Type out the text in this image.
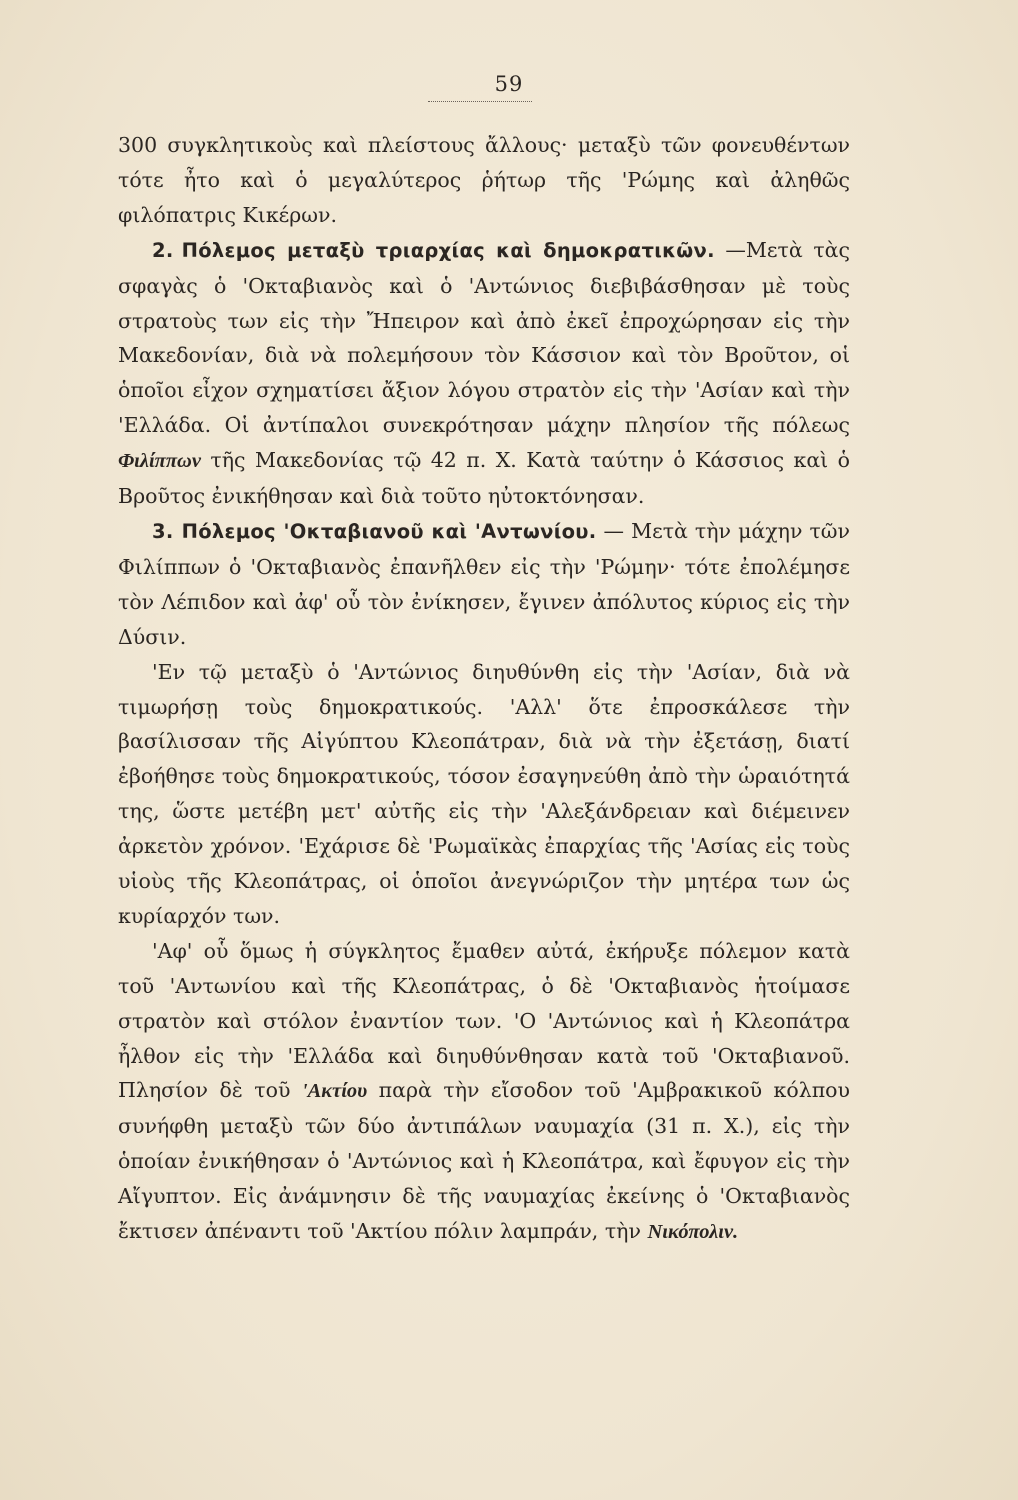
59

300 συγκλητικοὺς καὶ πλείστους ἄλλους· μεταξὺ τῶν φονευθέντων τότε ἦτο καὶ ὁ μεγαλύτερος ῥήτωρ τῆς 'Ρώμης καὶ ἀληθῶς φιλόπατρις Κικέρων.

2. Πόλεμος μεταξὺ τριαρχίας καὶ δημοκρατικῶν. —Μετὰ τὰς σφαγὰς ὁ 'Οκταβιανὸς καὶ ὁ 'Αντώνιος διεβιβάσθησαν μὲ τοὺς στρατοὺς των εἰς τὴν Ἤπειρον καὶ ἀπὸ ἐκεῖ ἐπροχώρησαν εἰς τὴν Μακεδονίαν, διὰ νὰ πολεμήσουν τὸν Κάσσιον καὶ τὸν Βροῦτον, οἱ ὁποῖοι εἶχον σχηματίσει ἄξιον λόγου στρατὸν εἰς τὴν 'Ασίαν καὶ τὴν 'Ελλάδα. Οἱ ἀντίπαλοι συνεκρότησαν μάχην πλησίον τῆς πόλεως Φιλίππων τῆς Μακεδονίας τῷ 42 π. Χ. Κατὰ ταύτην ὁ Κάσσιος καὶ ὁ Βροῦτος ἐνικήθησαν καὶ διὰ τοῦτο ηὐτοκτόνησαν.

3. Πόλεμος 'Οκταβιανοῦ καὶ 'Αντωνίου. — Μετὰ τὴν μάχην τῶν Φιλίππων ὁ 'Οκταβιανὸς ἐπανῆλθεν εἰς τὴν 'Ρώμην· τότε ἐπολέμησε τὸν Λέπιδον καὶ ἀφ' οὗ τὸν ἐνίκησεν, ἔγινεν ἀπόλυτος κύριος εἰς τὴν Δύσιν.

'Εν τῷ μεταξὺ ὁ 'Αντώνιος διηυθύνθη εἰς τὴν 'Ασίαν, διὰ νὰ τιμωρήσῃ τοὺς δημοκρατικούς. 'Αλλ' ὅτε ἐπροσκάλεσε τὴν βασίλισσαν τῆς Αἰγύπτου Κλεοπάτραν, διὰ νὰ τὴν ἐξετάσῃ, διατί ἐβοήθησε τοὺς δημοκρατικούς, τόσον ἐσαγηνεύθη ἀπὸ τὴν ὡραιότητά της, ὥστε μετέβη μετ' αὐτῆς εἰς τὴν 'Αλεξάνδρειαν καὶ διέμεινεν ἀρκετὸν χρόνον. 'Εχάρισε δὲ 'Ρωμαϊκὰς ἐπαρχίας τῆς 'Ασίας εἰς τοὺς υἱοὺς τῆς Κλεοπάτρας, οἱ ὁποῖοι ἀνεγνώριζον τὴν μητέρα των ὡς κυρίαρχόν των.

'Αφ' οὗ ὅμως ἡ σύγκλητος ἔμαθεν αὐτά, ἐκήρυξε πόλεμον κατὰ τοῦ 'Αντωνίου καὶ τῆς Κλεοπάτρας, ὁ δὲ 'Οκταβιανὸς ἡτοίμασε στρατὸν καὶ στόλον ἐναντίον των. 'Ο 'Αντώνιος καὶ ἡ Κλεοπάτρα ἦλθον εἰς τὴν 'Ελλάδα καὶ διηυθύνθησαν κατὰ τοῦ 'Οκταβιανοῦ. Πλησίον δὲ τοῦ 'Ακτίου παρὰ τὴν εἴσοδον τοῦ 'Αμβρακικοῦ κόλπου συνήφθη μεταξὺ τῶν δύο ἀντιπάλων ναυμαχία (31 π. Χ.), εἰς τὴν ὁποίαν ἐνικήθησαν ὁ 'Αντώνιος καὶ ἡ Κλεοπάτρα, καὶ ἔφυγον εἰς τὴν Αἴγυπτον. Εἰς ἀνάμνησιν δὲ τῆς ναυμαχίας ἐκείνης ὁ 'Οκταβιανὸς ἔκτισεν ἀπέναντι τοῦ 'Ακτίου πόλιν λαμπράν, τὴν Νικόπολιν.
